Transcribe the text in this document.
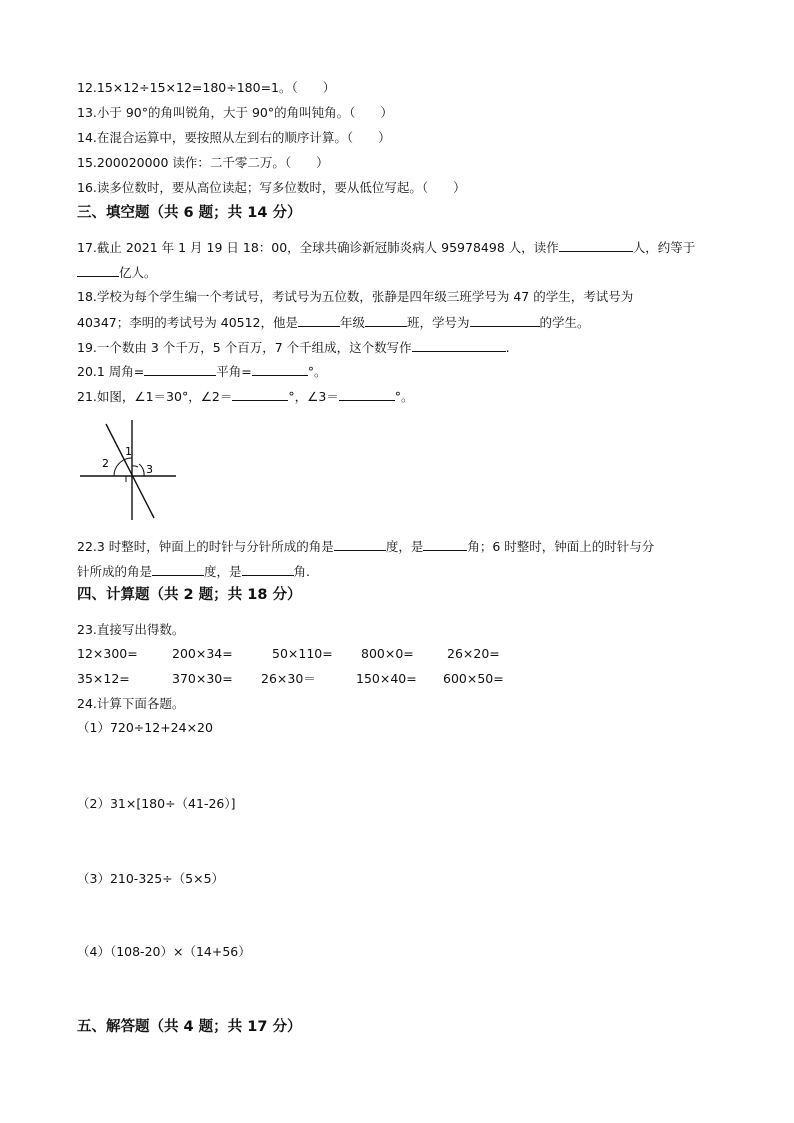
12.15×12÷15×12=180÷180=1。（　　）
13.小于 90°的角叫锐角，大于 90°的角叫钝角。（　　）
14.在混合运算中，要按照从左到右的顺序计算。（　　）
15.200020000 读作：二千零二万。（　　）
16.读多位数时，要从高位读起；写多位数时，要从低位写起。（　　）
三、填空题（共 6 题；共 14 分）
17.截止 2021 年 1 月 19 日 18：00，全球共确诊新冠肺炎病人 95978498 人，读作	人，约等于
亿人。
18.学校为每个学生编一个考试号，考试号为五位数，张静是四年级三班学号为 47 的学生，考试号为
40347；李明的考试号为 40512，他是	年级	班，学号为	的学生。
19.一个数由 3 个千万，5 个百万，7 个千组成，这个数写作	.
20.1 周角=	平角=	°。
21.如图，∠1＝30°，∠2＝	°，∠3＝	°。
1
2	3
22.3 时整时，钟面上的时针与分针所成的角是	度，是	角；6 时整时，钟面上的时针与分
针所成的角是	度，是	角.
四、计算题（共 2 题；共 18 分）
23.直接写出得数。
12×300=	200×34=	50×110= 800×0=	26×20=
35×12=	370×30= 26×30＝	150×40= 600×50=
24.计算下面各题。
（1）720÷12+24×20
（2）31×[180÷（41-26）]
（3）210-325÷（5×5）
（4）（108-20）×（14+56）
五、解答题（共 4 题；共 17 分）
